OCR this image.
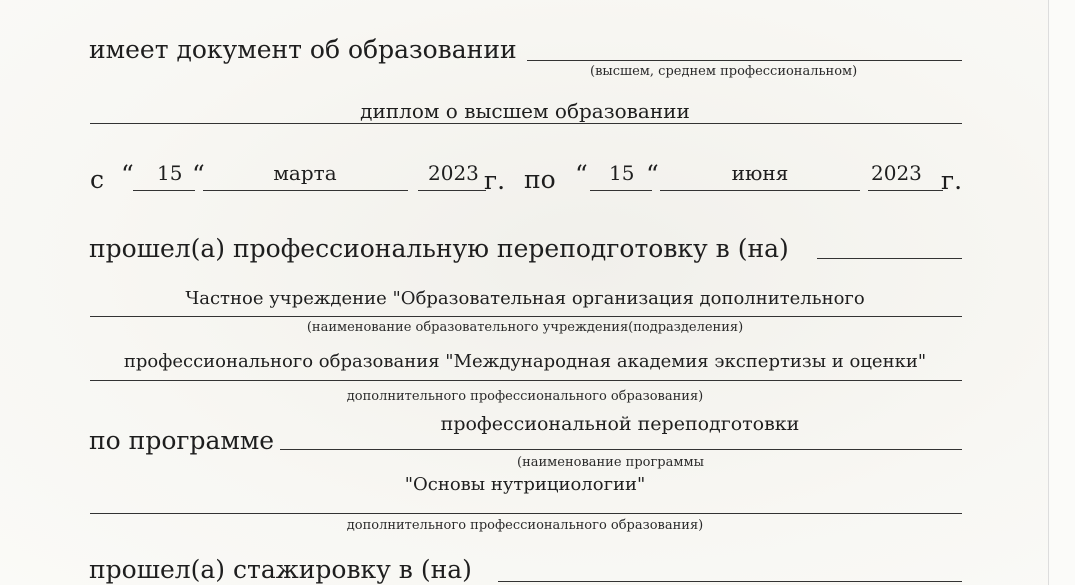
имеет документ об образовании
(высшем, среднем профессиональном)
диплом о высшем образовании
с “ 15 “	марта	2023 г. по “ 15 “	июня	2023 г.
прошел(а) профессиональную переподготовку в (на)
Частное учреждение "Образовательная организация дополнительного
(наименование образовательного учреждения(подразделения)
профессионального образования "Международная академия экспертизы и оценки"
дополнительного профессионального образования)
по программе
профессиональной переподготовки
(наименование программы
"Основы нутрициологии"
дополнительного профессионального образования)
прошел(а) стажировку в (на)
